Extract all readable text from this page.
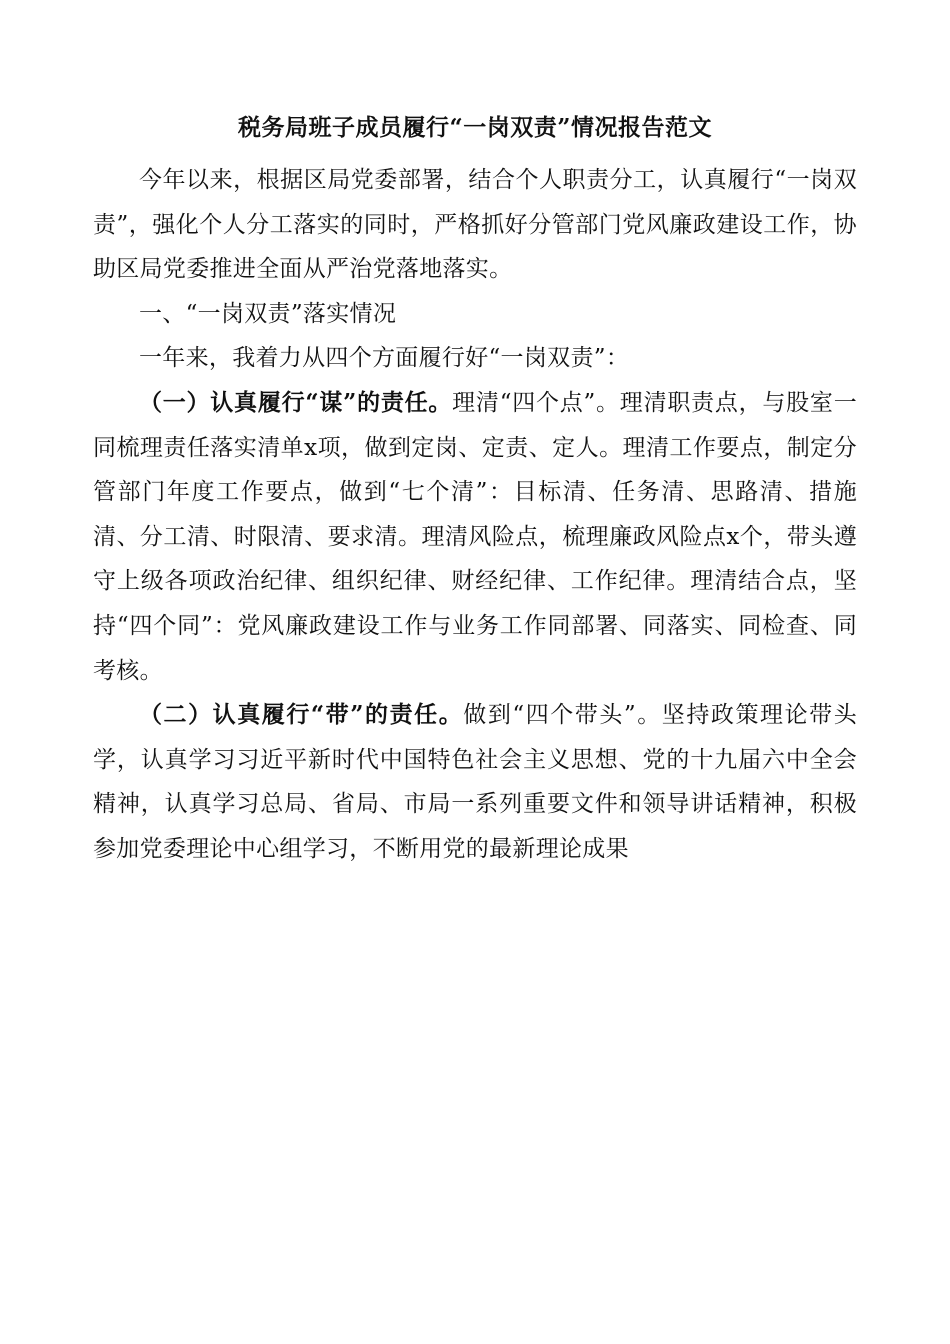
税务局班子成员履行“一岗双责”情况报告范文

今年以来，根据区局党委部署，结合个人职责分工，认真履行“一岗双责”，强化个人分工落实的同时，严格抓好分管部门党风廉政建设工作，协助区局党委推进全面从严治党落地落实。

一、“一岗双责”落实情况

一年来，我着力从四个方面履行好“一岗双责”：

（一）认真履行“谋”的责任。理清“四个点”。理清职责点，与股室一同梳理责任落实清单x项，做到定岗、定责、定人。理清工作要点，制定分管部门年度工作要点，做到“七个清”：目标清、任务清、思路清、措施清、分工清、时限清、要求清。理清风险点，梳理廉政风险点x个，带头遵守上级各项政治纪律、组织纪律、财经纪律、工作纪律。理清结合点，坚持“四个同”：党风廉政建设工作与业务工作同部署、同落实、同检查、同考核。

（二）认真履行“带”的责任。做到“四个带头”。坚持政策理论带头学，认真学习习近平新时代中国特色社会主义思想、党的十九届六中全会精神，认真学习总局、省局、市局一系列重要文件和领导讲话精神，积极参加党委理论中心组学习，不断用党的最新理论成果
